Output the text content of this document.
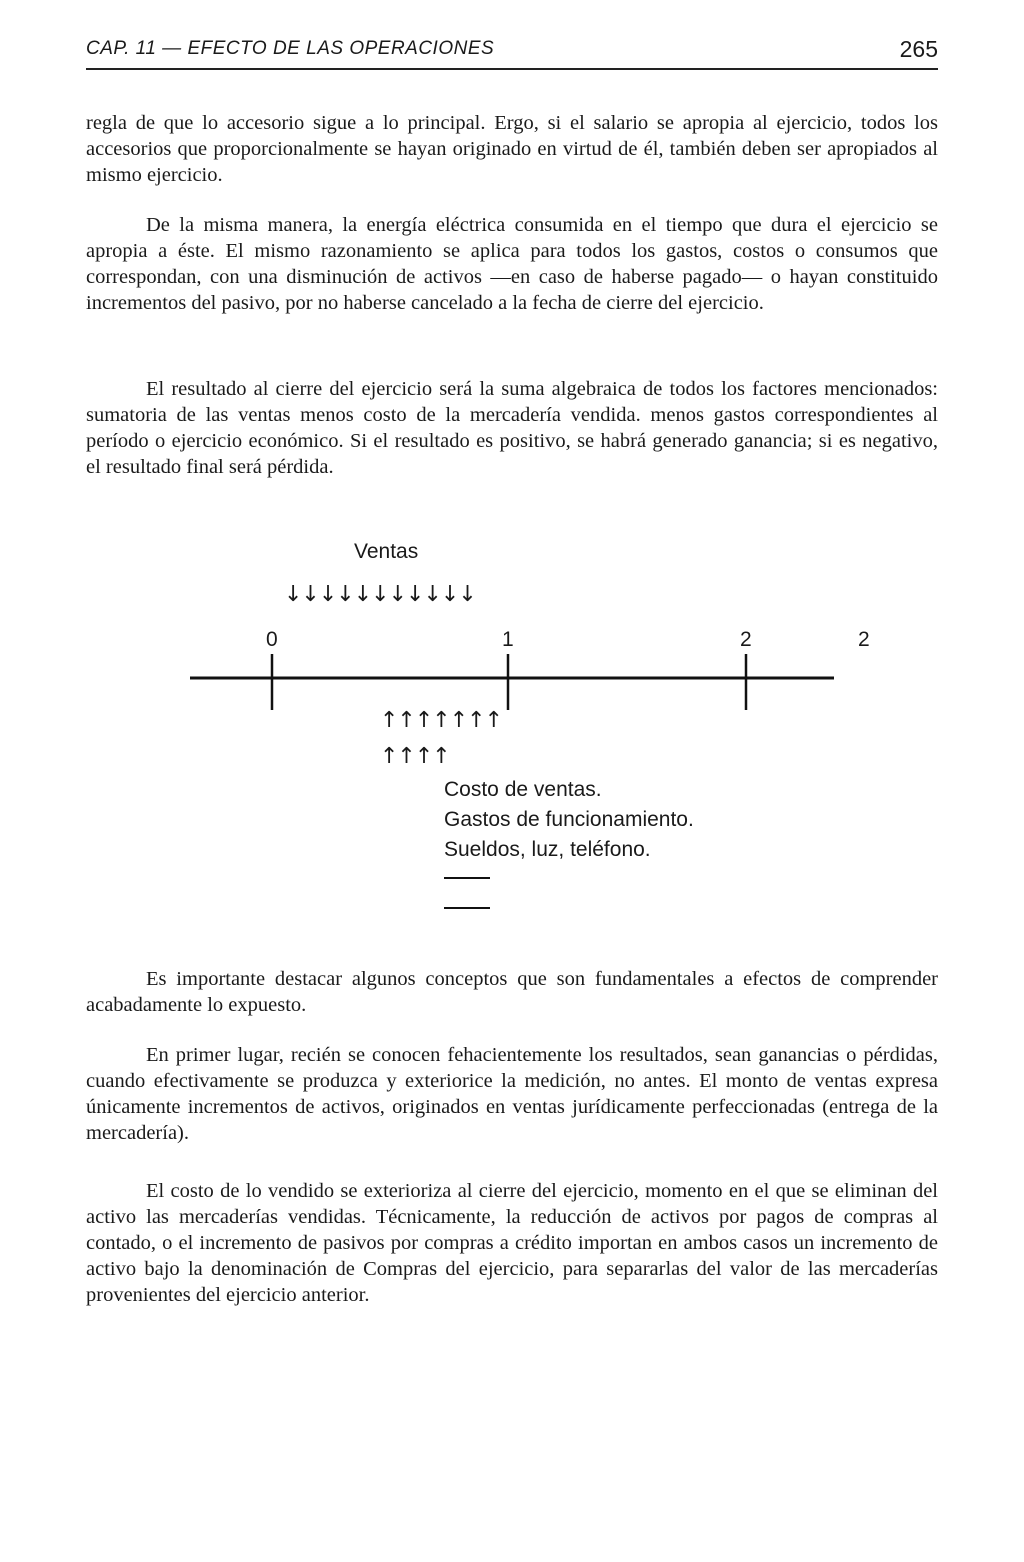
CAP. 11 — EFECTO DE LAS OPERACIONES	265

regla de que lo accesorio sigue a lo principal. Ergo, si el salario se apropia al ejercicio, todos los accesorios que proporcionalmente se hayan originado en virtud de él, también deben ser apropiados al mismo ejercicio.

De la misma manera, la energía eléctrica consumida en el tiempo que dura el ejercicio se apropia a éste. El mismo razonamiento se aplica para todos los gastos, costos o consumos que correspondan, con una disminución de activos —en caso de haberse pagado— o hayan constituido incrementos del pasivo, por no haberse cancelado a la fecha de cierre del ejercicio.

El resultado al cierre del ejercicio será la suma algebraica de todos los factores mencionados: sumatoria de las ventas menos costo de la mercadería vendida. menos gastos correspondientes al período o ejercicio económico. Si el resultado es positivo, se habrá generado ganancia; si es negativo, el resultado final será pérdida.

Ventas
↓↓↓↓↓↓↓↓↓↓↓
0	1	2	2
↑↑↑↑↑↑↑
↑↑↑↑
Costo de ventas.
Gastos de funcionamiento.
Sueldos, luz, teléfono.

Es importante destacar algunos conceptos que son fundamentales a efectos de comprender acabadamente lo expuesto.

En primer lugar, recién se conocen fehacientemente los resultados, sean ganancias o pérdidas, cuando efectivamente se produzca y exteriorice la medición, no antes. El monto de ventas expresa únicamente incrementos de activos, originados en ventas jurídicamente perfeccionadas (entrega de la mercadería).

El costo de lo vendido se exterioriza al cierre del ejercicio, momento en el que se eliminan del activo las mercaderías vendidas. Técnicamente, la reducción de activos por pagos de compras al contado, o el incremento de pasivos por compras a crédito importan en ambos casos un incremento de activo bajo la denominación de Compras del ejercicio, para separarlas del valor de las mercaderías provenientes del ejercicio anterior.
